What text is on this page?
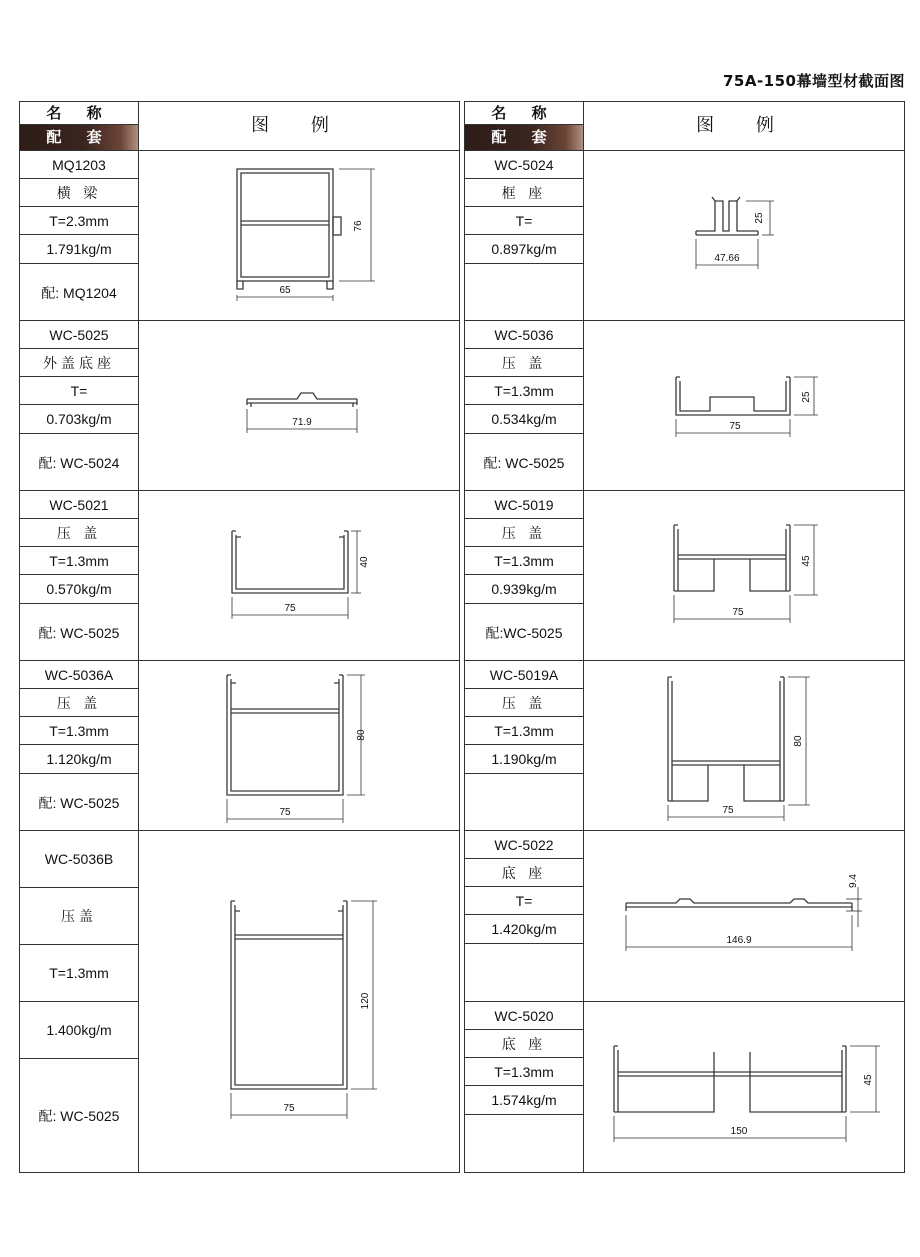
75A-150幕墙型材截面图
名 称
配 套
图 例
MQ1203
横 梁
T=2.3mm
1.791kg/m
配: MQ1204	65
76
WC-5025
外盖底座
T=
0.703kg/m
配: WC-5024
71.9
WC-5021
压 盖
T=1.3mm
0.570kg/m
配: WC-5025
75
40
WC-5036A
压 盖
T=1.3mm
1.120kg/m
配: WC-5025
75
80
WC-5036B
压盖
T=1.3mm
1.400kg/m
配: WC-5025	75
120
名 称
配 套
图 例
WC-5024
框 座
T=
0.897kg/m
47.66
25
WC-5036
压 盖
T=1.3mm
0.534kg/m
配: WC-5025
75
25
WC-5019
压 盖
T=1.3mm
0.939kg/m
配:WC-5025
75
45
WC-5019A
压 盖
T=1.3mm
1.190kg/m
75
80
WC-5022
底 座
T=
1.420kg/m
146.9
9.4
WC-5020
底 座
T=1.3mm
1.574kg/m
150
45
